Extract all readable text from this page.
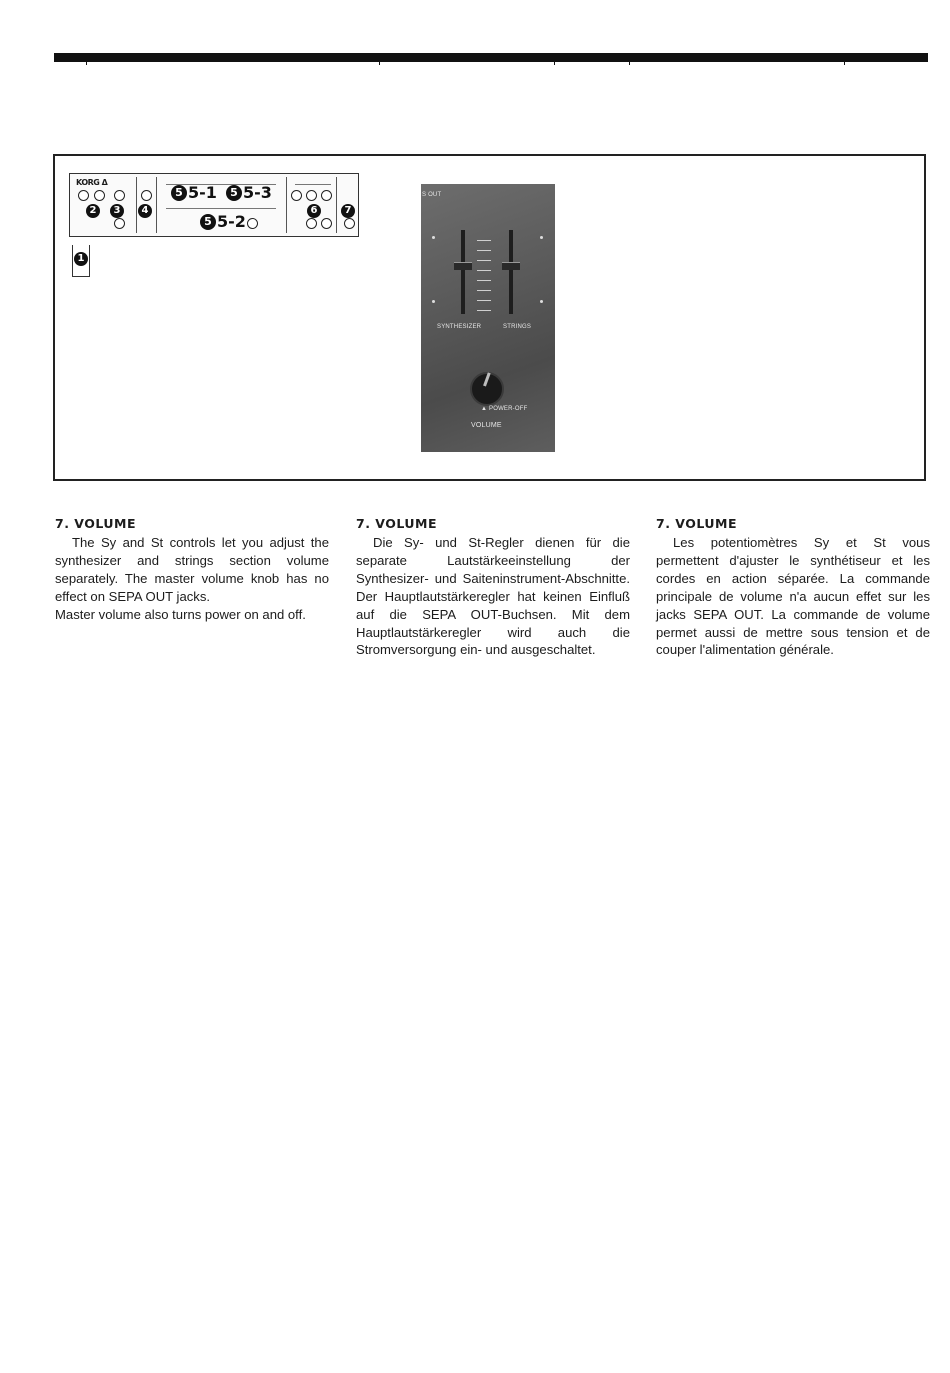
KORG Δ
2	3	4	6	7
5 5-1	5 5-3
5 5-2
1
S OUT
SYNTHESIZER	STRINGS
▲ POWER-OFF
VOLUME
7. VOLUME

The Sy and St controls let you adjust the synthesizer and strings section volume separately. The master volume knob has no effect on SEPA OUT jacks.

Master volume also turns power on and off.

7. VOLUME

Die Sy- und St-Regler dienen für die separate Lautstärkeeinstellung der Synthesizer- und Saiteninstrument-Abschnitte. Der Hauptlautstärkeregler hat keinen Einfluß auf die SEPA OUT-Buchsen. Mit dem Hauptlautstärkeregler wird auch die Stromversorgung ein- und ausgeschaltet.

7. VOLUME

Les potentiomètres Sy et St vous permettent d'ajuster le synthétiseur et les cordes en action séparée. La commande principale de volume n'a aucun effet sur les jacks SEPA OUT. La commande de volume permet aussi de mettre sous tension et de couper l'alimentation générale.
